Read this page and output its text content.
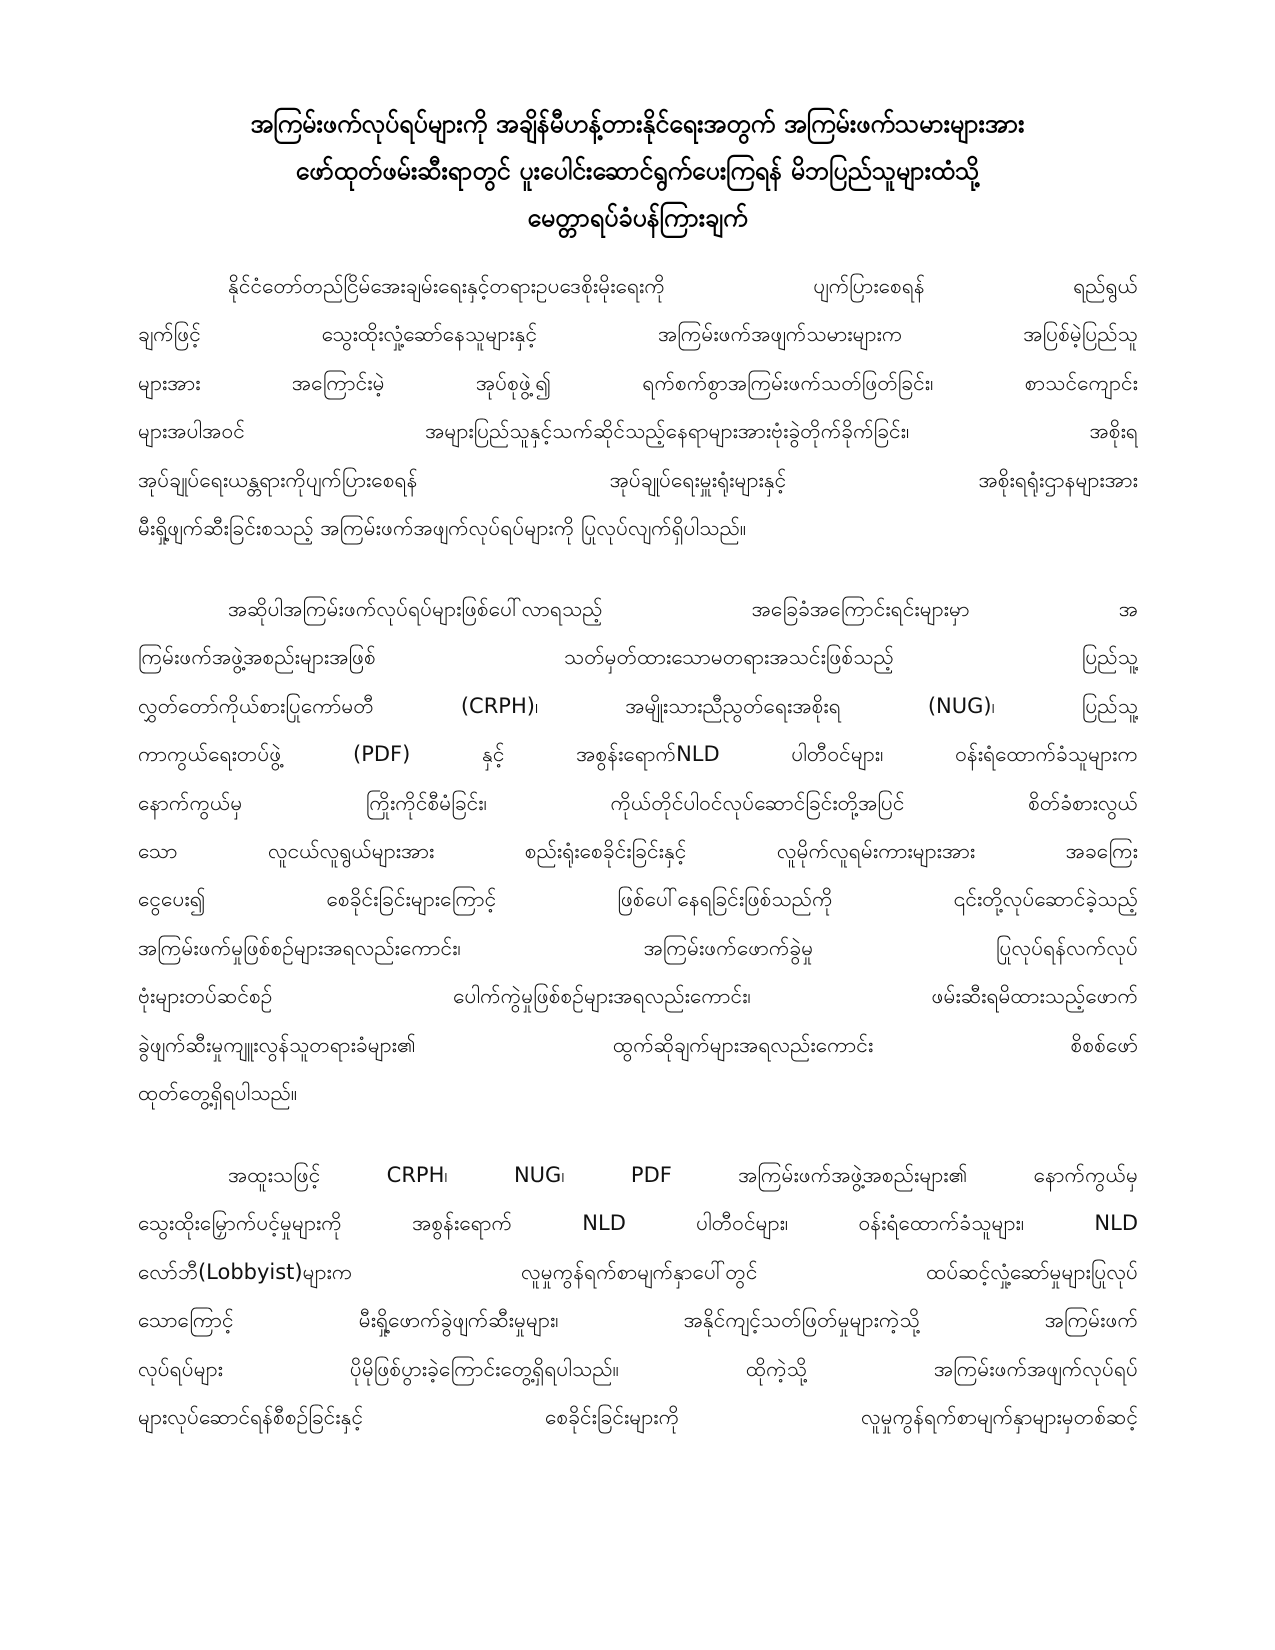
အကြမ်းဖက်လုပ်ရပ်များကို အချိန်မီဟန့်တားနိုင်ရေးအတွက် အကြမ်းဖက်သမားများအား
ဖော်ထုတ်ဖမ်းဆီးရာတွင် ပူးပေါင်းဆောင်ရွက်ပေးကြရန် မိဘပြည်သူများထံသို့
မေတ္တာရပ်ခံပန်ကြားချက်
နိုင်ငံတော်တည်ငြိမ်အေးချမ်းရေးနှင့်တရားဥပဒေစိုးမိုးရေးကို ပျက်ပြားစေရန် ရည်ရွယ်
ချက်ဖြင့် သွေးထိုးလှုံ့ဆော်နေသူများနှင့် အကြမ်းဖက်အဖျက်သမားများက အပြစ်မဲ့ပြည်သူ
များအား အကြောင်းမဲ့ အုပ်စုဖွဲ့၍ ရက်စက်စွာအကြမ်းဖက်သတ်ဖြတ်ခြင်း၊ စာသင်ကျောင်း
များအပါအဝင် အများပြည်သူနှင့်သက်ဆိုင်သည့်နေရာများအားဗုံးခွဲတိုက်ခိုက်ခြင်း၊ အစိုးရ
အုပ်ချုပ်ရေးယန္တရားကိုပျက်ပြားစေရန် အုပ်ချုပ်ရေးမှူးရုံးများနှင့် အစိုးရရုံးဌာနများအား
မီးရှို့ဖျက်ဆီးခြင်းစသည့် အကြမ်းဖက်အဖျက်လုပ်ရပ်များကို ပြုလုပ်လျက်ရှိပါသည်။
အဆိုပါအကြမ်းဖက်လုပ်ရပ်များဖြစ်ပေါ်လာရသည့် အခြေခံအကြောင်းရင်းများမှာ အ
ကြမ်းဖက်အဖွဲ့အစည်းများအဖြစ် သတ်မှတ်ထားသောမတရားအသင်းဖြစ်သည့် ပြည်သူ့
လွှတ်တော်ကိုယ်စားပြုကော်မတီ (CRPH)၊ အမျိုးသားညီညွတ်ရေးအစိုးရ (NUG)၊ ပြည်သူ့
ကာကွယ်ရေးတပ်ဖွဲ့ (PDF) နှင့် အစွန်းရောက်NLD ပါတီဝင်များ၊ ဝန်းရံထောက်ခံသူများက
နောက်ကွယ်မှ ကြိုးကိုင်စီမံခြင်း၊ ကိုယ်တိုင်ပါဝင်လုပ်ဆောင်ခြင်းတို့အပြင် စိတ်ခံစားလွယ်
သော လူငယ်လူရွယ်များအား စည်းရုံးစေခိုင်းခြင်းနှင့် လူမိုက်လူရမ်းကားများအား အခကြေး
ငွေပေး၍ စေခိုင်းခြင်းများကြောင့် ဖြစ်ပေါ်နေရခြင်းဖြစ်သည်ကို ၎င်းတို့လုပ်ဆောင်ခဲ့သည့်
အကြမ်းဖက်မှုဖြစ်စဉ်များအရလည်းကောင်း၊ အကြမ်းဖက်ဖောက်ခွဲမှု ပြုလုပ်ရန်လက်လုပ်
ဗုံးများတပ်ဆင်စဉ် ပေါက်ကွဲမှုဖြစ်စဉ်များအရလည်းကောင်း၊ ဖမ်းဆီးရမိထားသည့်ဖောက်
ခွဲဖျက်ဆီးမှုကျူးလွန်သူတရားခံများ၏ ထွက်ဆိုချက်များအရလည်းကောင်း စိစစ်ဖော်
ထုတ်တွေ့ရှိရပါသည်။
အထူးသဖြင့် CRPH၊ NUG၊ PDF အကြမ်းဖက်အဖွဲ့အစည်းများ၏ နောက်ကွယ်မှ
သွေးထိုးမြှောက်ပင့်မှုများကို အစွန်းရောက် NLD ပါတီဝင်များ၊ ဝန်းရံထောက်ခံသူများ၊ NLD
လော်ဘီ(Lobbyist)များက လူမှုကွန်ရက်စာမျက်နှာပေါ်တွင် ထပ်ဆင့်လှုံ့ဆော်မှုများပြုလုပ်
သောကြောင့် မီးရှို့ဖောက်ခွဲဖျက်ဆီးမှုများ၊ အနိုင်ကျင့်သတ်ဖြတ်မှုများကဲ့သို့ အကြမ်းဖက်
လုပ်ရပ်များ ပိုမိုဖြစ်ပွားခဲ့ကြောင်းတွေ့ရှိရပါသည်။ ထိုကဲ့သို့ အကြမ်းဖက်အဖျက်လုပ်ရပ်
များလုပ်ဆောင်ရန်စီစဉ်ခြင်းနှင့် စေခိုင်းခြင်းများကို လူမှုကွန်ရက်စာမျက်နှာများမှတစ်ဆင့်
